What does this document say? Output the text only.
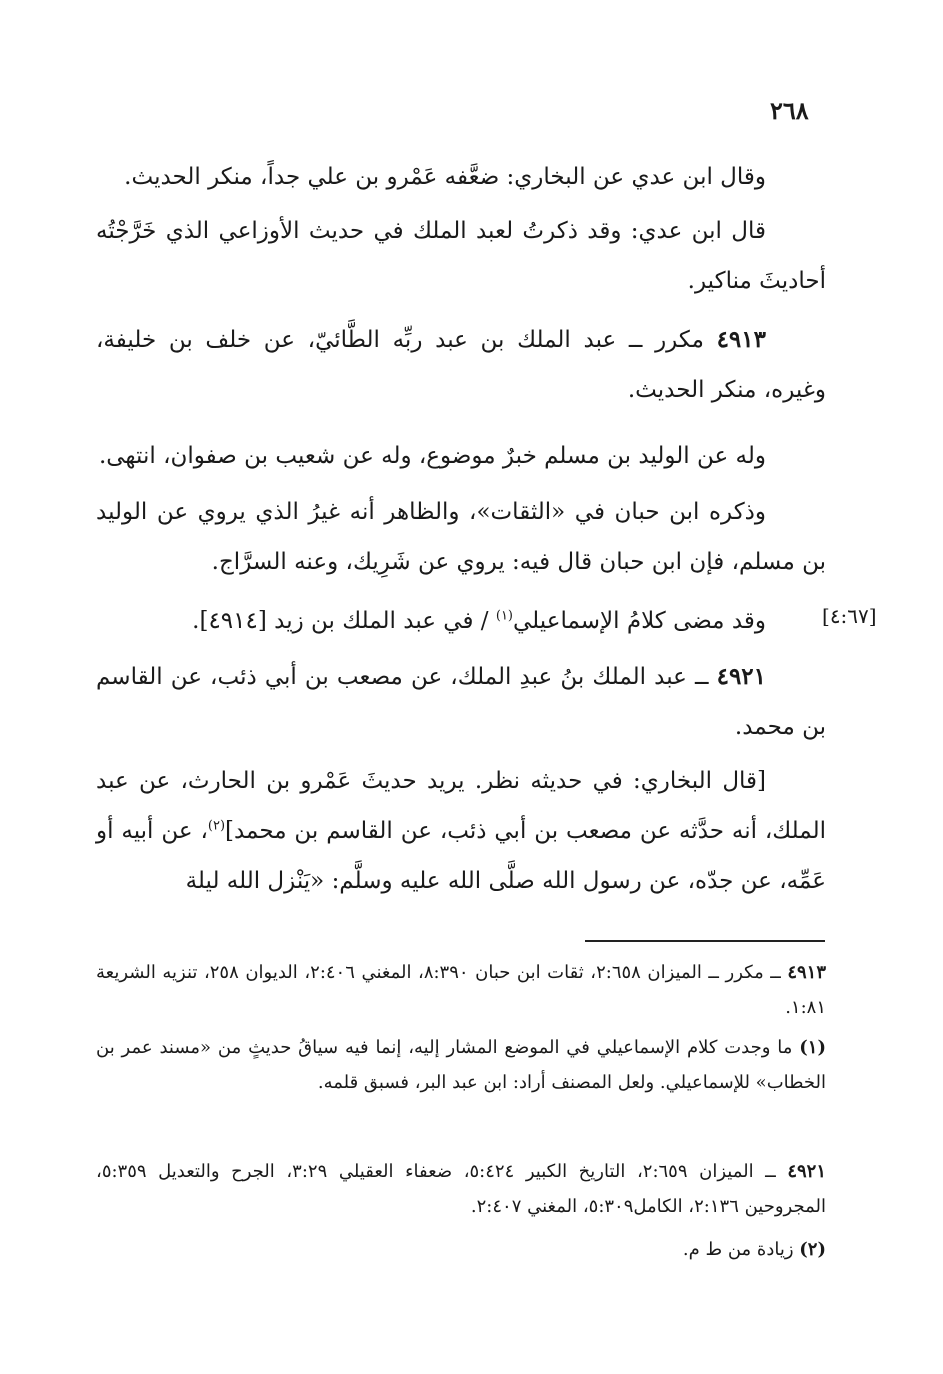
٢٦٨
وقال ابن عدي عن البخاري: ضعَّفه عَمْرو بن علي جداً، منكر الحديث.
قال ابن عدي: وقد ذكرتُ لعبد الملك في حديث الأوزاعي الذي خَرَّجْتُه أحاديثَ مناكير.
٤٩١٣ مكرر ــ عبد الملك بن عبد ربِّه الطَّائيّ، عن خلف بن خليفة، وغيره، منكر الحديث.
وله عن الوليد بن مسلم خبرٌ موضوع، وله عن شعيب بن صفوان، انتهى.
وذكره ابن حبان في «الثقات»، والظاهر أنه غيرُ الذي يروي عن الوليد بن مسلم، فإن ابن حبان قال فيه: يروي عن شَرِيك، وعنه السرَّاج.
وقد مضى كلامُ الإسماعيلي$^{(١)}$ / في عبد الملك بن زيد [٤٩١٤].	[٤:٦٧]
٤٩٢١ ــ عبد الملك بنُ عبدِ الملك، عن مصعب بن أبي ذئب، عن القاسم بن محمد.
[قال البخاري: في حديثه نظر. يريد حديثَ عَمْرو بن الحارث، عن عبد الملك، أنه حدَّثه عن مصعب بن أبي ذئب، عن القاسم بن محمد]$^{(٢)}$، عن أبيه أو عَمِّه، عن جدّه، عن رسول الله صلَّى الله عليه وسلَّم: «يَنْزل الله ليلة
٤٩١٣ ــ مكرر ــ الميزان ٢:٦٥٨، ثقات ابن حبان ٨:٣٩٠، المغني ٢:٤٠٦، الديوان ٢٥٨، تنزيه الشريعة ١:٨١.
(١) ما وجدت كلام الإسماعيلي في الموضع المشار إليه، إنما فيه سياقُ حديثٍ من «مسند عمر بن الخطاب» للإسماعيلي. ولعل المصنف أراد: ابن عبد البر، فسبق قلمه.
٤٩٢١ ــ الميزان ٢:٦٥٩، التاريخ الكبير ٥:٤٢٤، ضعفاء العقيلي ٣:٢٩، الجرح والتعديل ٥:٣٥٩، المجروحين ٢:١٣٦، الكامل٥:٣٠٩، المغني ٢:٤٠٧.
(٢) زيادة من ط م.
